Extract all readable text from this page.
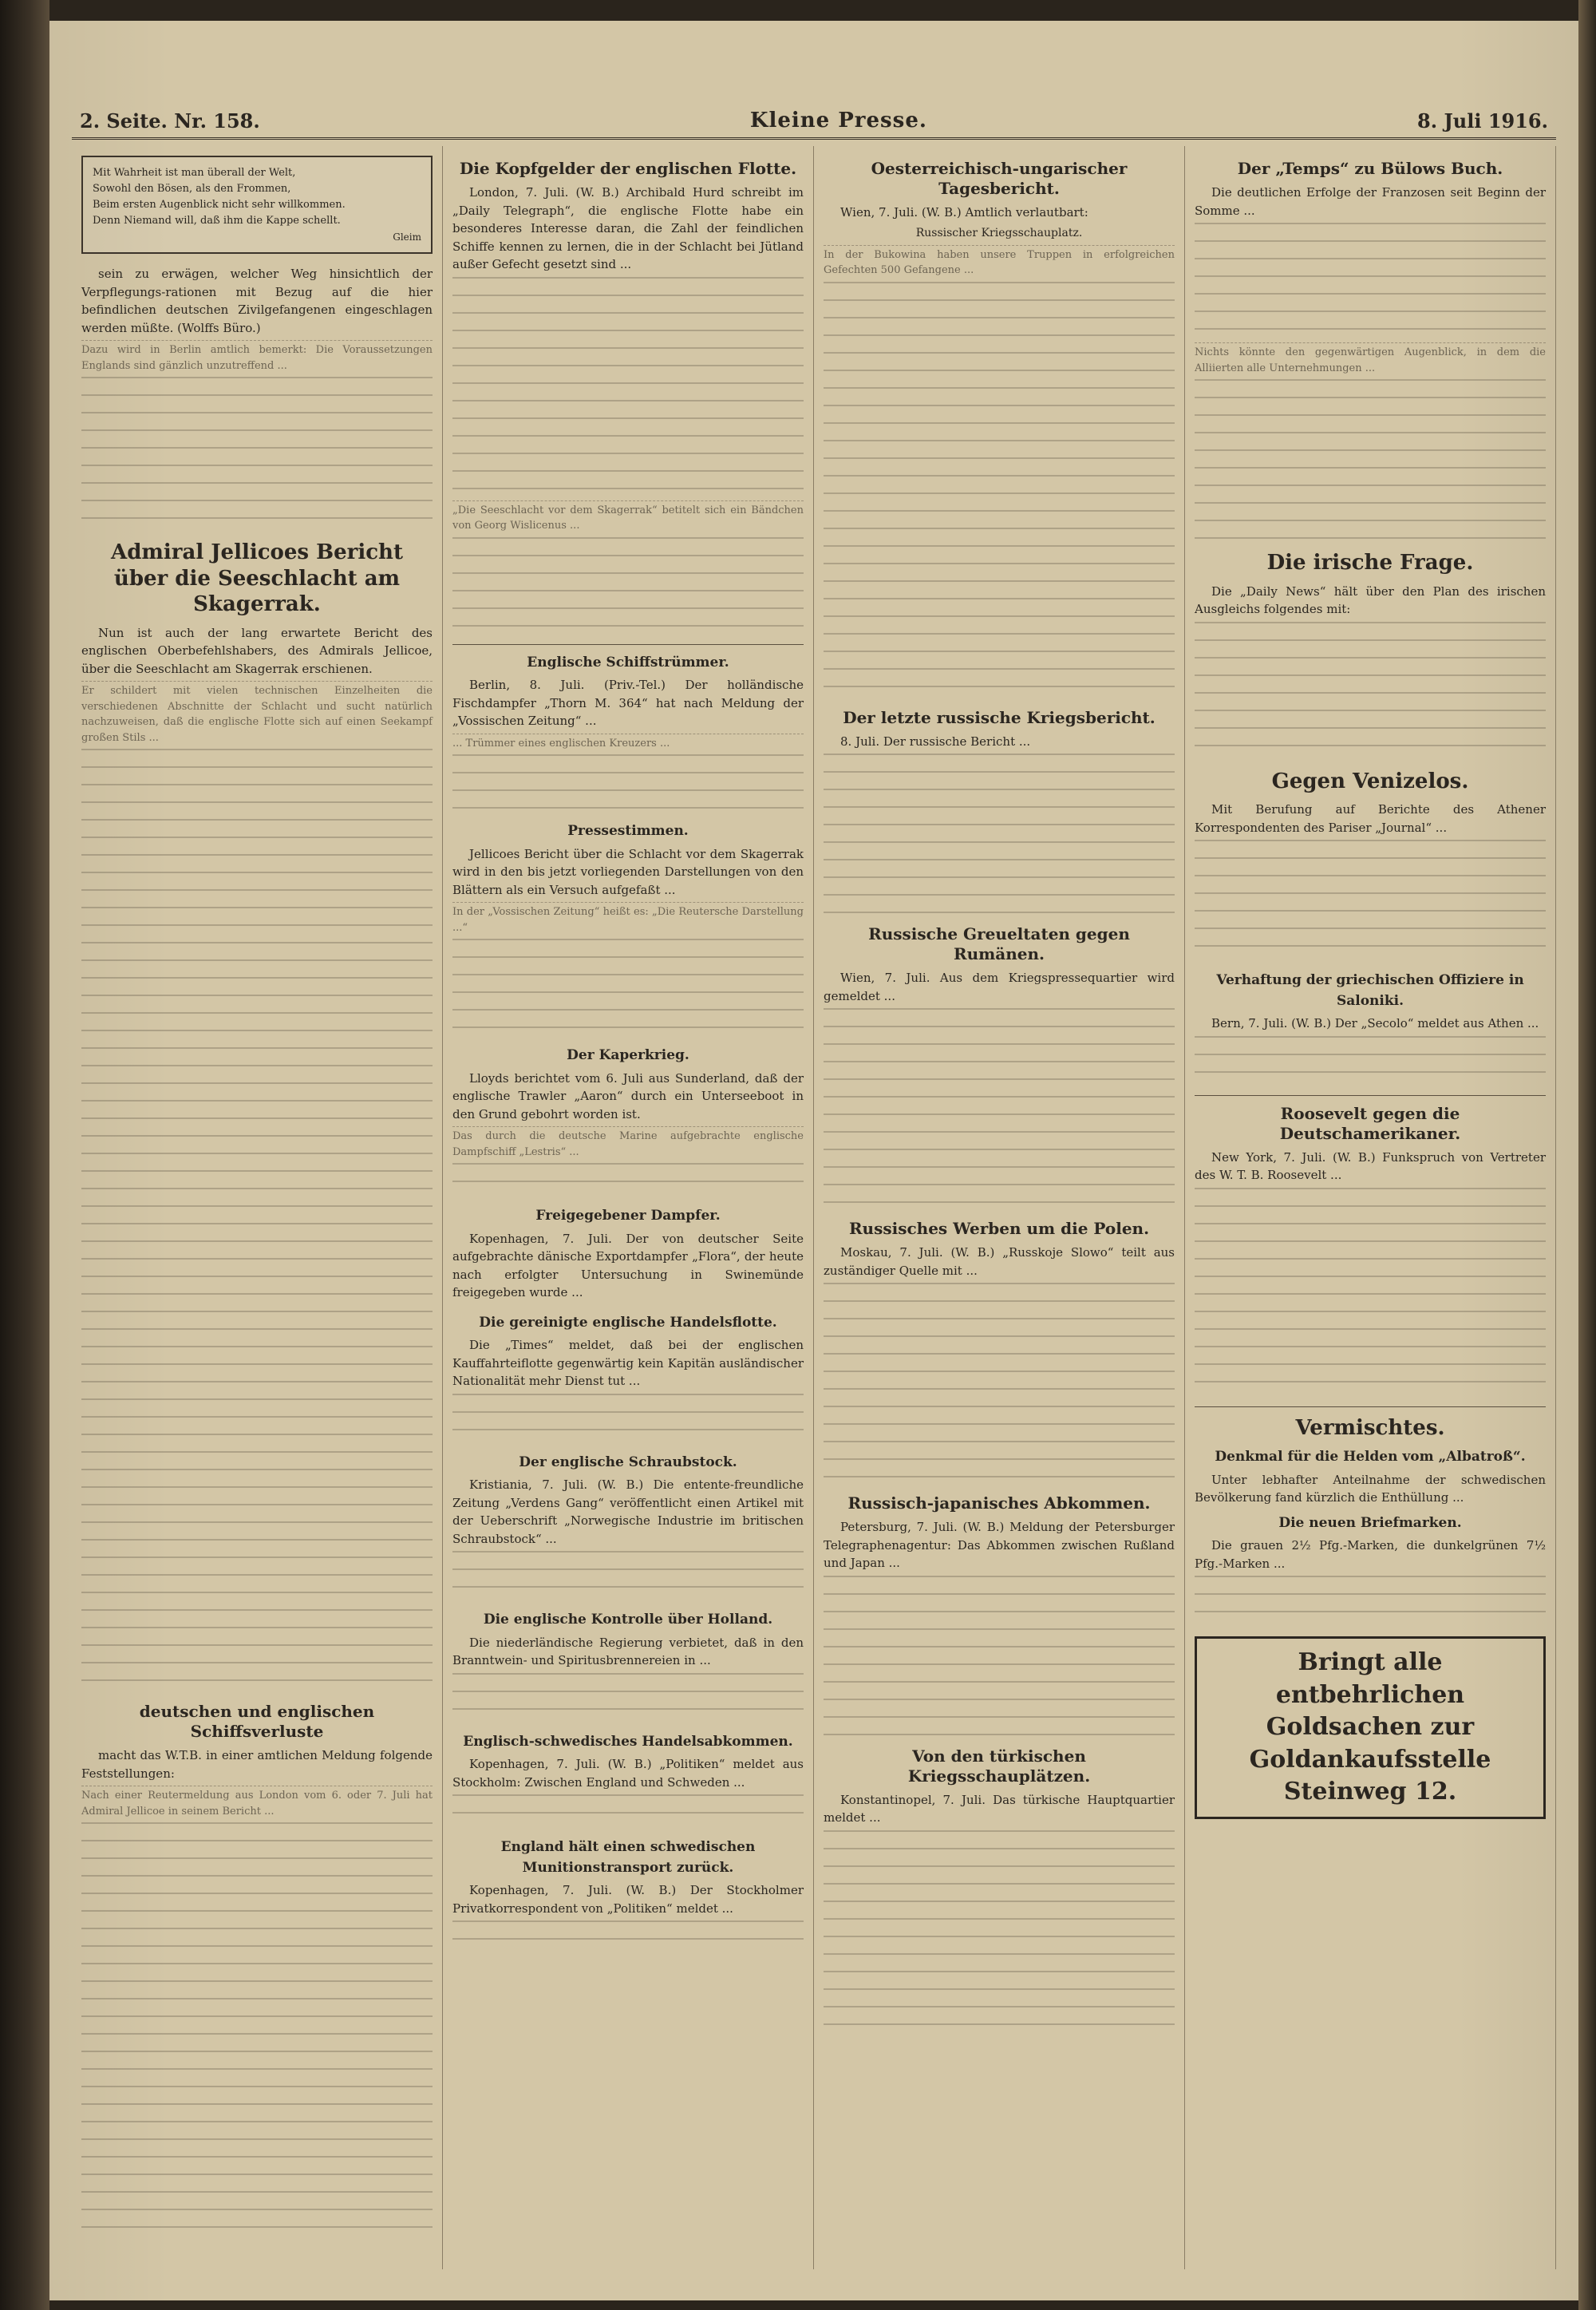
2. Seite. Nr. 158.	Kleine Presse.	8. Juli 1916.
Mit Wahrheit ist man überall der Welt,
Sowohl den Bösen, als den Frommen,
Beim ersten Augenblick nicht sehr willkommen.
Denn Niemand will, daß ihm die Kappe schellt.
Gleim

sein zu erwägen, welcher Weg hinsichtlich der Verpflegungs-rationen mit Bezug auf die hier befindlichen deutschen Zivilgefangenen eingeschlagen werden müßte. (Wolffs Büro.)

Dazu wird in Berlin amtlich bemerkt: Die Voraussetzungen Englands sind gänzlich unzutreffend ...
Admiral Jellicoes Bericht über die Seeschlacht am Skagerrak.

Nun ist auch der lang erwartete Bericht des englischen Oberbefehlshabers, des Admirals Jellicoe, über die Seeschlacht am Skagerrak erschienen.

Er schildert mit vielen technischen Einzelheiten die verschiedenen Abschnitte der Schlacht und sucht natürlich nachzuweisen, daß die englische Flotte sich auf einen Seekampf großen Stils ...
deutschen und englischen Schiffsverluste

macht das W.T.B. in einer amtlichen Meldung folgende Feststellungen:

Nach einer Reutermeldung aus London vom 6. oder 7. Juli hat Admiral Jellicoe in seinem Bericht ...
Die Kopfgelder der englischen Flotte.

London, 7. Juli. (W. B.) Archibald Hurd schreibt im „Daily Telegraph“, die englische Flotte habe ein besonderes Interesse daran, die Zahl der feindlichen Schiffe kennen zu lernen, die in der Schlacht bei Jütland außer Gefecht gesetzt sind ...

„Die Seeschlacht vor dem Skagerrak“ betitelt sich ein Bändchen von Georg Wislicenus ...
Englische Schiffstrümmer.

Berlin, 8. Juli. (Priv.-Tel.) Der holländische Fischdampfer „Thorn M. 364“ hat nach Meldung der „Vossischen Zeitung“ ...

... Trümmer eines englischen Kreuzers ...
Pressestimmen.

Jellicoes Bericht über die Schlacht vor dem Skagerrak wird in den bis jetzt vorliegenden Darstellungen von den Blättern als ein Versuch aufgefaßt ...

In der „Vossischen Zeitung“ heißt es: „Die Reutersche Darstellung ...“
Der Kaperkrieg.

Lloyds berichtet vom 6. Juli aus Sunderland, daß der englische Trawler „Aaron“ durch ein Unterseeboot in den Grund gebohrt worden ist.

Das durch die deutsche Marine aufgebrachte englische Dampfschiff „Lestris“ ...
Freigegebener Dampfer.

Kopenhagen, 7. Juli. Der von deutscher Seite aufgebrachte dänische Exportdampfer „Flora“, der heute nach erfolgter Untersuchung in Swinemünde freigegeben wurde ...

Die gereinigte englische Handelsflotte.

Die „Times“ meldet, daß bei der englischen Kauffahrteiflotte gegenwärtig kein Kapitän ausländischer Nationalität mehr Dienst tut ...

Der englische Schraubstock.

Kristiania, 7. Juli. (W. B.) Die entente-freundliche Zeitung „Verdens Gang“ veröffentlicht einen Artikel mit der Ueberschrift „Norwegische Industrie im britischen Schraubstock“ ...

Die englische Kontrolle über Holland.

Die niederländische Regierung verbietet, daß in den Branntwein- und Spiritusbrennereien in ...

Englisch-schwedisches Handelsabkommen.

Kopenhagen, 7. Juli. (W. B.) „Politiken“ meldet aus Stockholm: Zwischen England und Schweden ...

England hält einen schwedischen Munitionstransport zurück.

Kopenhagen, 7. Juli. (W. B.) Der Stockholmer Privatkorrespondent von „Politiken“ meldet ...

Oesterreichisch-ungarischer Tagesbericht.

Wien, 7. Juli. (W. B.) Amtlich verlautbart:

Russischer Kriegsschauplatz.
In der Bukowina haben unsere Truppen in erfolgreichen Gefechten 500 Gefangene ...
Der letzte russische Kriegsbericht.

8. Juli. Der russische Bericht ...

Russische Greueltaten gegen Rumänen.

Wien, 7. Juli. Aus dem Kriegspressequartier wird gemeldet ...

Russisches Werben um die Polen.

Moskau, 7. Juli. (W. B.) „Russkoje Slowo“ teilt aus zuständiger Quelle mit ...

Russisch-japanisches Abkommen.

Petersburg, 7. Juli. (W. B.) Meldung der Petersburger Telegraphenagentur: Das Abkommen zwischen Rußland und Japan ...

Von den türkischen Kriegsschauplätzen.

Konstantinopel, 7. Juli. Das türkische Hauptquartier meldet ...

Der „Temps“ zu Bülows Buch.

Die deutlichen Erfolge der Franzosen seit Beginn der Somme ...

Nichts könnte den gegenwärtigen Augenblick, in dem die Alliierten alle Unternehmungen ...
Die irische Frage.

Die „Daily News“ hält über den Plan des irischen Ausgleichs folgendes mit:

Gegen Venizelos.

Mit Berufung auf Berichte des Athener Korrespondenten des Pariser „Journal“ ...

Verhaftung der griechischen Offiziere in Saloniki.

Bern, 7. Juli. (W. B.) Der „Secolo“ meldet aus Athen ...

Roosevelt gegen die Deutschamerikaner.

New York, 7. Juli. (W. B.) Funkspruch von Vertreter des W. T. B. Roosevelt ...

Vermischtes.
Denkmal für die Helden vom „Albatroß“.

Unter lebhafter Anteilnahme der schwedischen Bevölkerung fand kürzlich die Enthüllung ...

Die neuen Briefmarken.

Die grauen 2½ Pfg.-Marken, die dunkelgrünen 7½ Pfg.-Marken ...

Bringt alle entbehrlichen Goldsachen zur Goldankaufsstelle Steinweg 12.
